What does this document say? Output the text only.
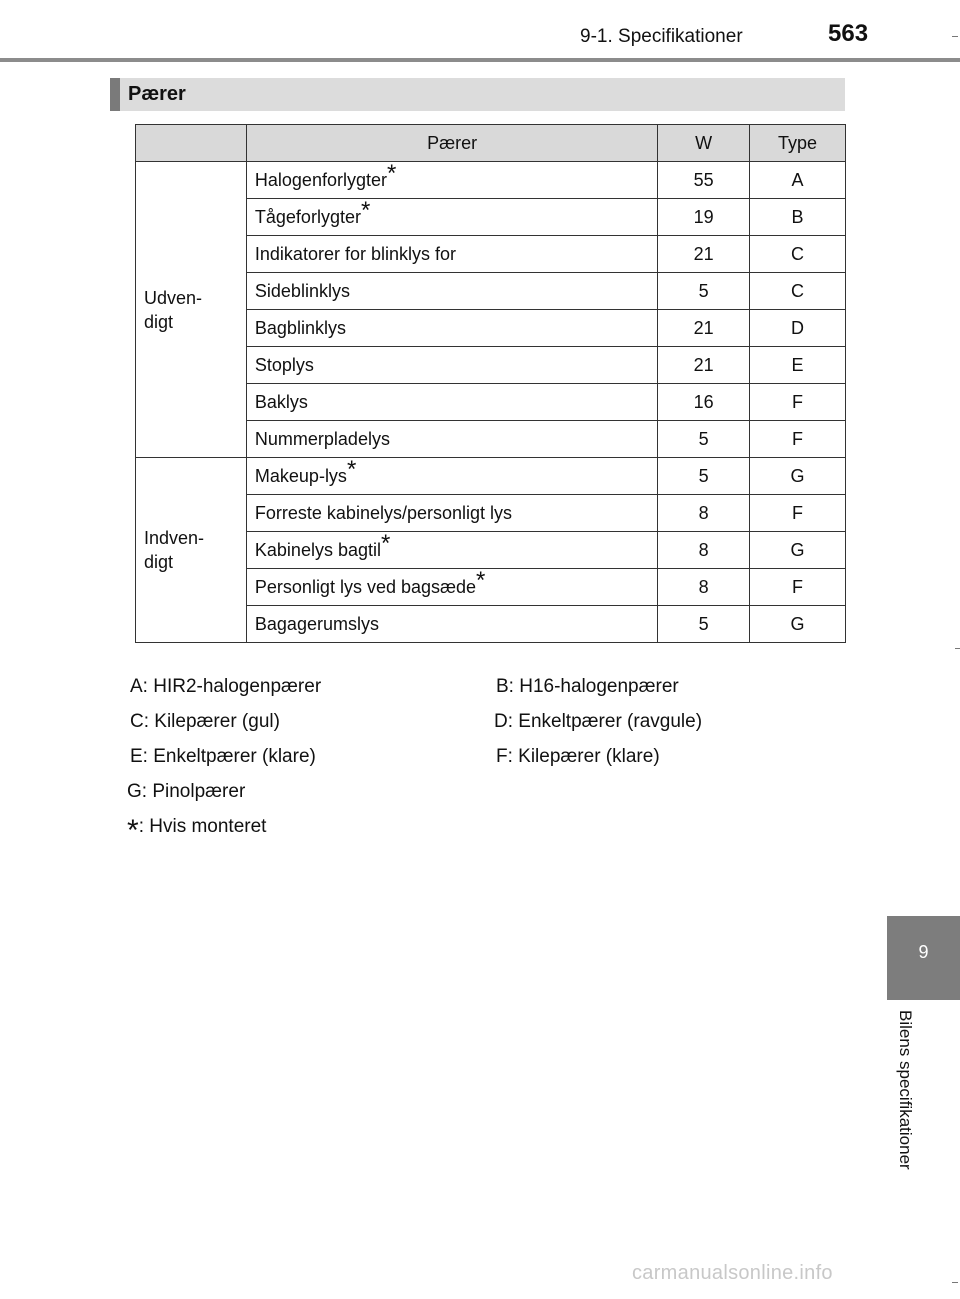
9-1. Specifikationer	563
Pærer
	Pærer	W	Type
Udven-
digt	Halogenforlygter*	55	A
	Tågeforlygter*	19	B
	Indikatorer for blinklys for	21	C
	Sideblinklys	5	C
	Bagblinklys	21	D
	Stoplys	21	E
	Baklys	16	F
	Nummerpladelys	5	F
Indven-
digt	Makeup-lys*	5	G
	Forreste kabinelys/personligt lys	8	F
	Kabinelys bagtil*	8	G
	Personligt lys ved bagsæde*	8	F
	Bagagerumslys	5	G
A: HIR2-halogenpærer	B: H16-halogenpærer
C: Kilepærer (gul)	D: Enkeltpærer (ravgule)
E: Enkeltpærer (klare)	F: Kilepærer (klare)
G: Pinolpærer
*: Hvis monteret
9
Bilens specifikationer
carmanualsonline.info
